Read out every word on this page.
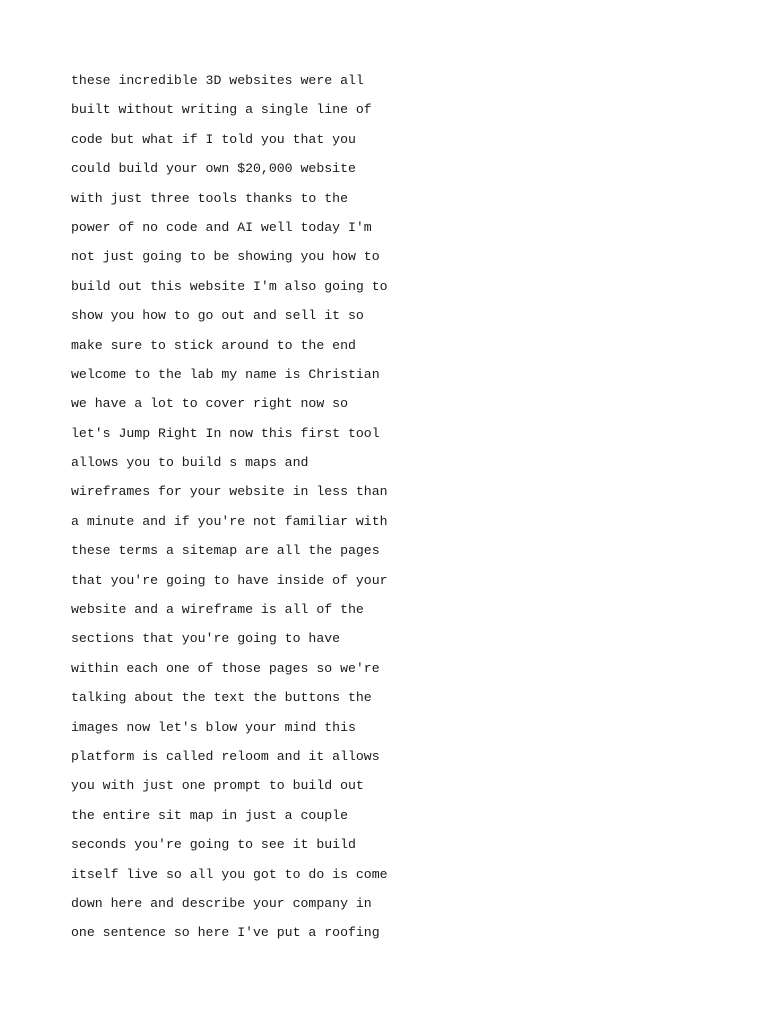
these incredible 3D websites were all
built without writing a single line of
code but what if I told you that you
could build your own $20,000 website
with just three tools thanks to the
power of no code and AI well today I'm
not just going to be showing you how to
build out this website I'm also going to
show you how to go out and sell it so
make sure to stick around to the end
welcome to the lab my name is Christian
we have a lot to cover right now so
let's Jump Right In now this first tool
allows you to build s maps and
wireframes for your website in less than
a minute and if you're not familiar with
these terms a sitemap are all the pages
that you're going to have inside of your
website and a wireframe is all of the
sections that you're going to have
within each one of those pages so we're
talking about the text the buttons the
images now let's blow your mind this
platform is called reloom and it allows
you with just one prompt to build out
the entire sit map in just a couple
seconds you're going to see it build
itself live so all you got to do is come
down here and describe your company in
one sentence so here I've put a roofing
